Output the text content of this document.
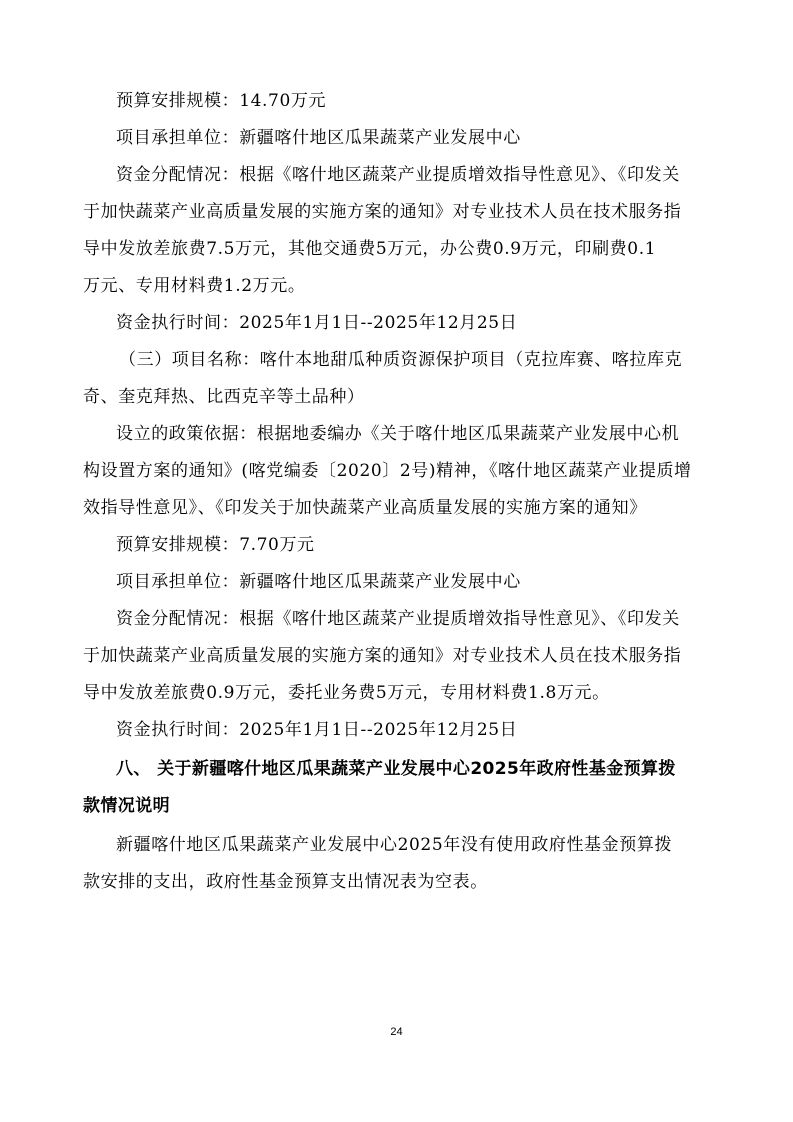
预算安排规模：14.70万元
项目承担单位：新疆喀什地区瓜果蔬菜产业发展中心
资金分配情况：根据《喀什地区蔬菜产业提质增效指导性意见》、《印发关
于加快蔬菜产业高质量发展的实施方案的通知》对专业技术人员在技术服务指
导中发放差旅费7.5万元，其他交通费5万元，办公费0.9万元，印刷费0.1
万元、专用材料费1.2万元。
资金执行时间：2025年1月1日--2025年12月25日
（三）项目名称：喀什本地甜瓜种质资源保护项目（克拉库赛、喀拉库克
奇、奎克拜热、比西克辛等土品种）
设立的政策依据：根据地委编办《关于喀什地区瓜果蔬菜产业发展中心机
构设置方案的通知》(喀党编委〔2020〕2号)精神，《喀什地区蔬菜产业提质增
效指导性意见》、《印发关于加快蔬菜产业高质量发展的实施方案的通知》
预算安排规模：7.70万元
项目承担单位：新疆喀什地区瓜果蔬菜产业发展中心
资金分配情况：根据《喀什地区蔬菜产业提质增效指导性意见》、《印发关
于加快蔬菜产业高质量发展的实施方案的通知》对专业技术人员在技术服务指
导中发放差旅费0.9万元，委托业务费5万元，专用材料费1.8万元。
资金执行时间：2025年1月1日--2025年12月25日
八、 关于新疆喀什地区瓜果蔬菜产业发展中心2025年政府性基金预算拨
款情况说明
新疆喀什地区瓜果蔬菜产业发展中心2025年没有使用政府性基金预算拨
款安排的支出，政府性基金预算支出情况表为空表。
24
